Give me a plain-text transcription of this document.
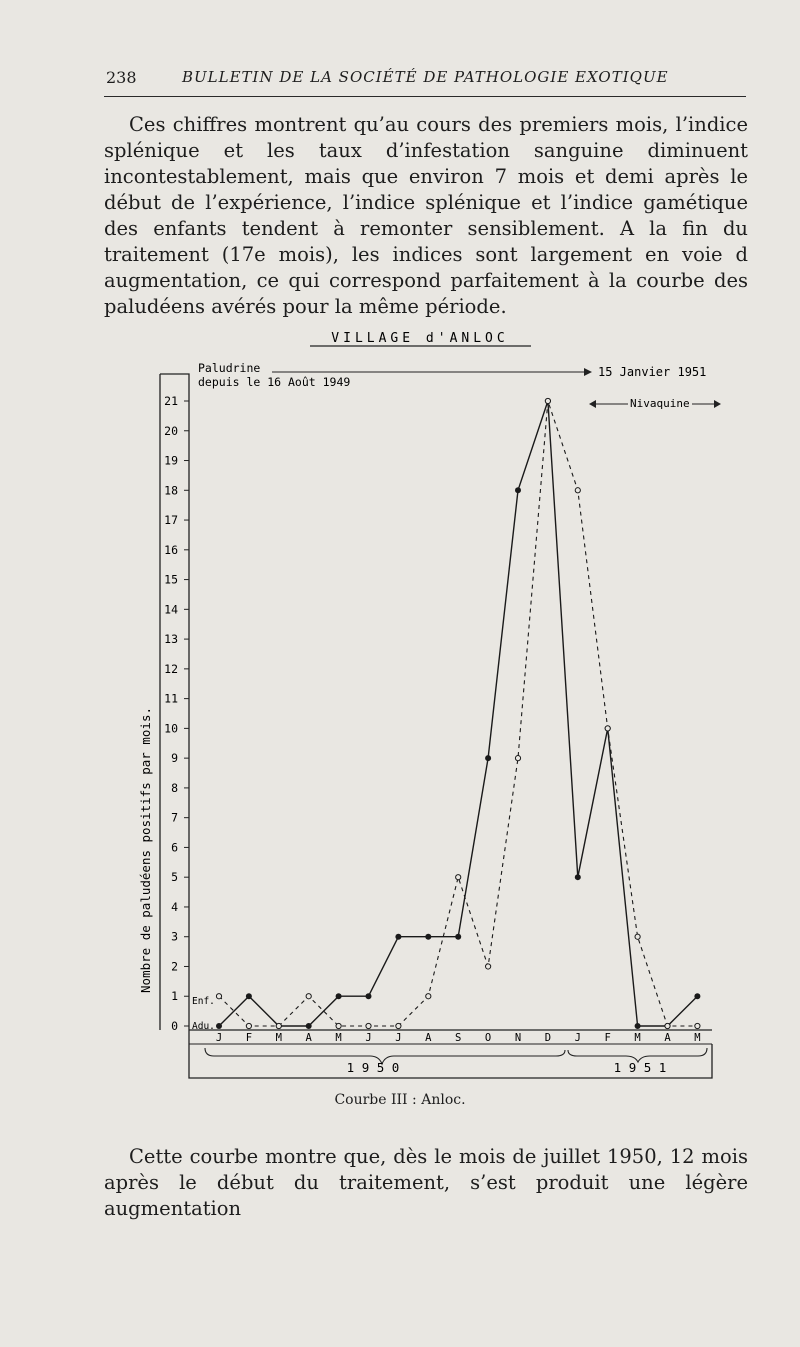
238	BULLETIN DE LA SOCIÉTÉ DE PATHOLOGIE EXOTIQUE
Ces chiffres montrent qu’au cours des premiers mois, l’indice splénique et les taux d’infestation sanguine diminuent incontestablement, mais que environ 7 mois et demi après le début de l’expérience, l’indice splénique et l’indice gamétique des enfants tendent à remonter sensiblement. A la fin du traitement (17e mois), les indices sont largement en voie d augmentation, ce qui correspond parfaitement à la courbe des paludéens avérés pour la même période.
VILLAGE d'ANLOC
Nombre de paludéens positifs par mois.
Paludrine
depuis le 16 Août 1949
15 Janvier 1951
Nivaquine
1 9 5 0	1 9 5 1
Enf.
Adu.
0
1
2
3
4
5
6
7
8
9
10
11
12
13
14
15
16
17
18
19
20
21
J F M A M J J A S O N D J F M A M
Courbe III : Anloc.
Cette courbe montre que, dès le mois de juillet 1950, 12 mois après le début du traitement, s’est produit une légère augmentation
